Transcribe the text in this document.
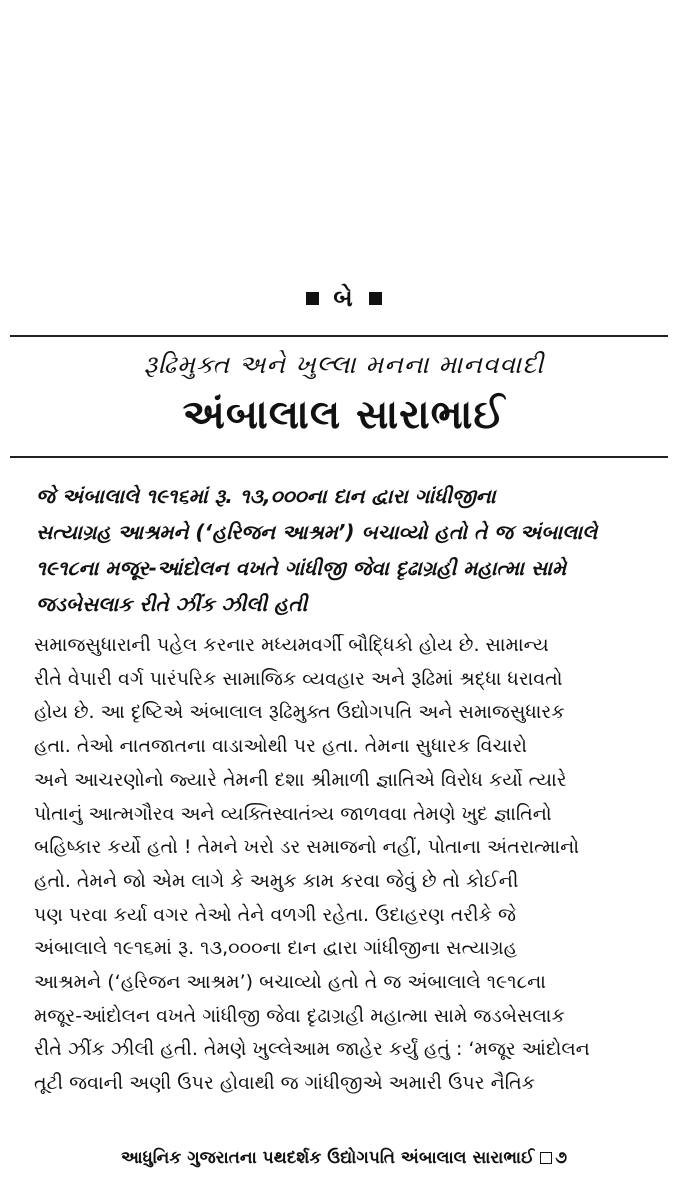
બે
રૂઢિમુક્ત અને ખુલ્લા મનના માનવવાદી
અંબાલાલ સારાભાઈ
જે અંબાલાલે ૧૯૧૬માં રૂ. ૧૩,૦૦૦ના દાન દ્વારા ગાંધીજીના
સત્યાગ્રહ આશ્રમને (‘હરિજન આશ્રમ’) બચાવ્યો હતો તે જ અંબાલાલે
૧૯૧૮ના મજૂર-આંદોલન વખતે ગાંધીજી જેવા દૃઢાગ્રહી મહાત્મા સામે
જડબેસલાક રીતે ઝીંક ઝીલી હતી
સમાજસુધારાની પહેલ કરનાર મધ્યમવર્ગી બૌદ્ધિકો હોય છે. સામાન્ય
રીતે વેપારી વર્ગ પારંપરિક સામાજિક વ્યવહાર અને રૂઢિમાં શ્રદ્ધા ધરાવતો
હોય છે. આ દૃષ્ટિએ અંબાલાલ રૂઢિમુક્ત ઉદ્યોગપતિ અને સમાજસુધારક
હતા. તેઓ નાતજાતના વાડાઓથી પર હતા. તેમના સુધારક વિચારો
અને આચરણોનો જ્યારે તેમની દશા શ્રીમાળી જ્ઞાતિએ વિરોધ કર્યો ત્યારે
પોતાનું આત્મગૌરવ અને વ્યક્તિસ્વાતંત્ર્ય જાળવવા તેમણે ખુદ જ્ઞાતિનો
બહિષ્કાર કર્યો હતો ! તેમને ખરો ડર સમાજનો નહીં, પોતાના અંતરાત્માનો
હતો. તેમને જો એમ લાગે કે અમુક કામ કરવા જેવું છે તો કોઈની
પણ પરવા કર્યા વગર તેઓ તેને વળગી રહેતા. ઉદાહરણ તરીકે જે
અંબાલાલે ૧૯૧૬માં રૂ. ૧૩,૦૦૦ના દાન દ્વારા ગાંધીજીના સત્યાગ્રહ
આશ્રમને (‘હરિજન આશ્રમ’) બચાવ્યો હતો તે જ અંબાલાલે ૧૯૧૮ના
મજૂર-આંદોલન વખતે ગાંધીજી જેવા દૃઢાગ્રહી મહાત્મા સામે જડબેસલાક
રીતે ઝીંક ઝીલી હતી. તેમણે ખુલ્લેઆમ જાહેર કર્યું હતું : ‘મજૂર આંદોલન
તૂટી જવાની અણી ઉપર હોવાથી જ ગાંધીજીએ અમારી ઉપર નૈતિક
આધુનિક ગુજરાતના પથદર્શક ઉદ્યોગપતિ અંબાલાલ સારાભાઈ ૭
